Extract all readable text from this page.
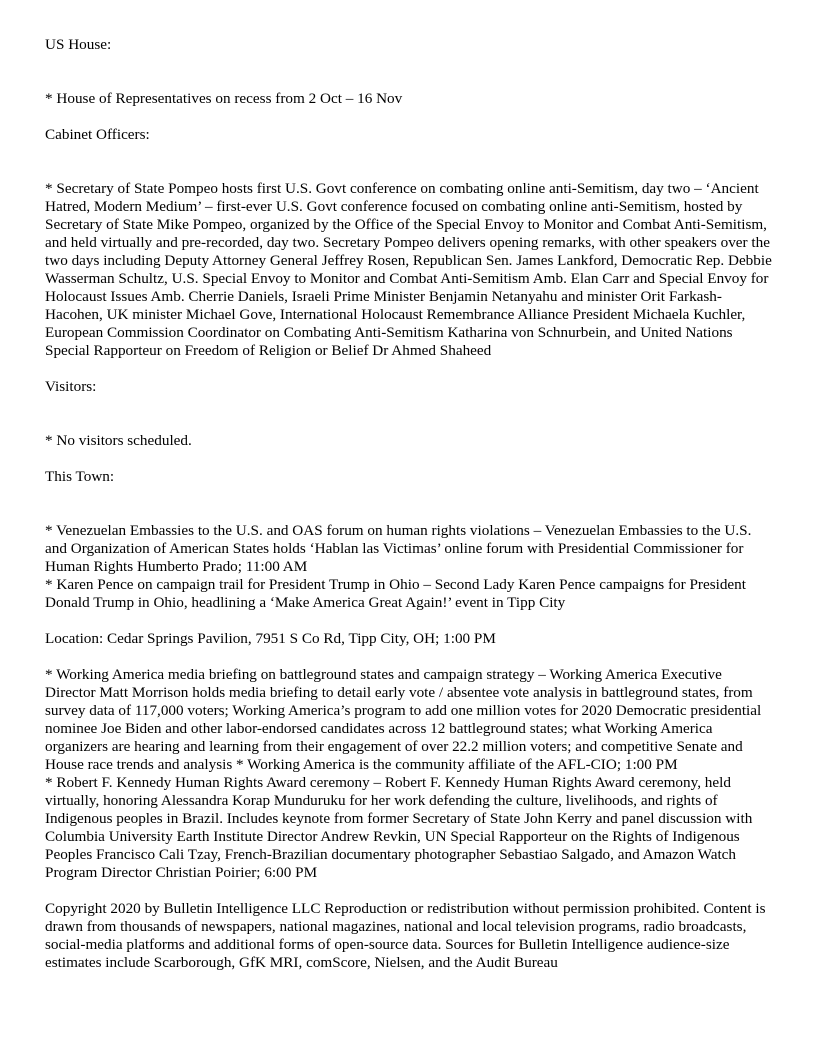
US House:

* House of Representatives on recess from 2 Oct – 16 Nov

Cabinet Officers:

* Secretary of State Pompeo hosts first U.S. Govt conference on combating online anti-Semitism, day two – ‘Ancient Hatred, Modern Medium’ – first-ever U.S. Govt conference focused on combating online anti-Semitism, hosted by Secretary of State Mike Pompeo, organized by the Office of the Special Envoy to Monitor and Combat Anti-Semitism, and held virtually and pre-recorded, day two. Secretary Pompeo delivers opening remarks, with other speakers over the two days including Deputy Attorney General Jeffrey Rosen, Republican Sen. James Lankford, Democratic Rep. Debbie Wasserman Schultz, U.S. Special Envoy to Monitor and Combat Anti-Semitism Amb. Elan Carr and Special Envoy for Holocaust Issues Amb. Cherrie Daniels, Israeli Prime Minister Benjamin Netanyahu and minister Orit Farkash-Hacohen, UK minister Michael Gove, International Holocaust Remembrance Alliance President Michaela Kuchler, European Commission Coordinator on Combating Anti-Semitism Katharina von Schnurbein, and United Nations Special Rapporteur on Freedom of Religion or Belief Dr Ahmed Shaheed

Visitors:

* No visitors scheduled.

This Town:

* Venezuelan Embassies to the U.S. and OAS forum on human rights violations – Venezuelan Embassies to the U.S. and Organization of American States holds ‘Hablan las Victimas’ online forum with Presidential Commissioner for Human Rights Humberto Prado; 11:00 AM

* Karen Pence on campaign trail for President Trump in Ohio – Second Lady Karen Pence campaigns for President Donald Trump in Ohio, headlining a ‘Make America Great Again!’ event in Tipp City

Location: Cedar Springs Pavilion, 7951 S Co Rd, Tipp City, OH; 1:00 PM

* Working America media briefing on battleground states and campaign strategy – Working America Executive Director Matt Morrison holds media briefing to detail early vote / absentee vote analysis in battleground states, from survey data of 117,000 voters; Working America’s program to add one million votes for 2020 Democratic presidential nominee Joe Biden and other labor-endorsed candidates across 12 battleground states; what Working America organizers are hearing and learning from their engagement of over 22.2 million voters; and competitive Senate and House race trends and analysis * Working America is the community affiliate of the AFL-CIO; 1:00 PM

* Robert F. Kennedy Human Rights Award ceremony – Robert F. Kennedy Human Rights Award ceremony, held virtually, honoring Alessandra Korap Munduruku for her work defending the culture, livelihoods, and rights of Indigenous peoples in Brazil. Includes keynote from former Secretary of State John Kerry and panel discussion with Columbia University Earth Institute Director Andrew Revkin, UN Special Rapporteur on the Rights of Indigenous Peoples Francisco Cali Tzay, French-Brazilian documentary photographer Sebastiao Salgado, and Amazon Watch Program Director Christian Poirier; 6:00 PM

Copyright 2020 by Bulletin Intelligence LLC Reproduction or redistribution without permission prohibited. Content is drawn from thousands of newspapers, national magazines, national and local television programs, radio broadcasts, social-media platforms and additional forms of open-source data. Sources for Bulletin Intelligence audience-size estimates include Scarborough, GfK MRI, comScore, Nielsen, and the Audit Bureau
